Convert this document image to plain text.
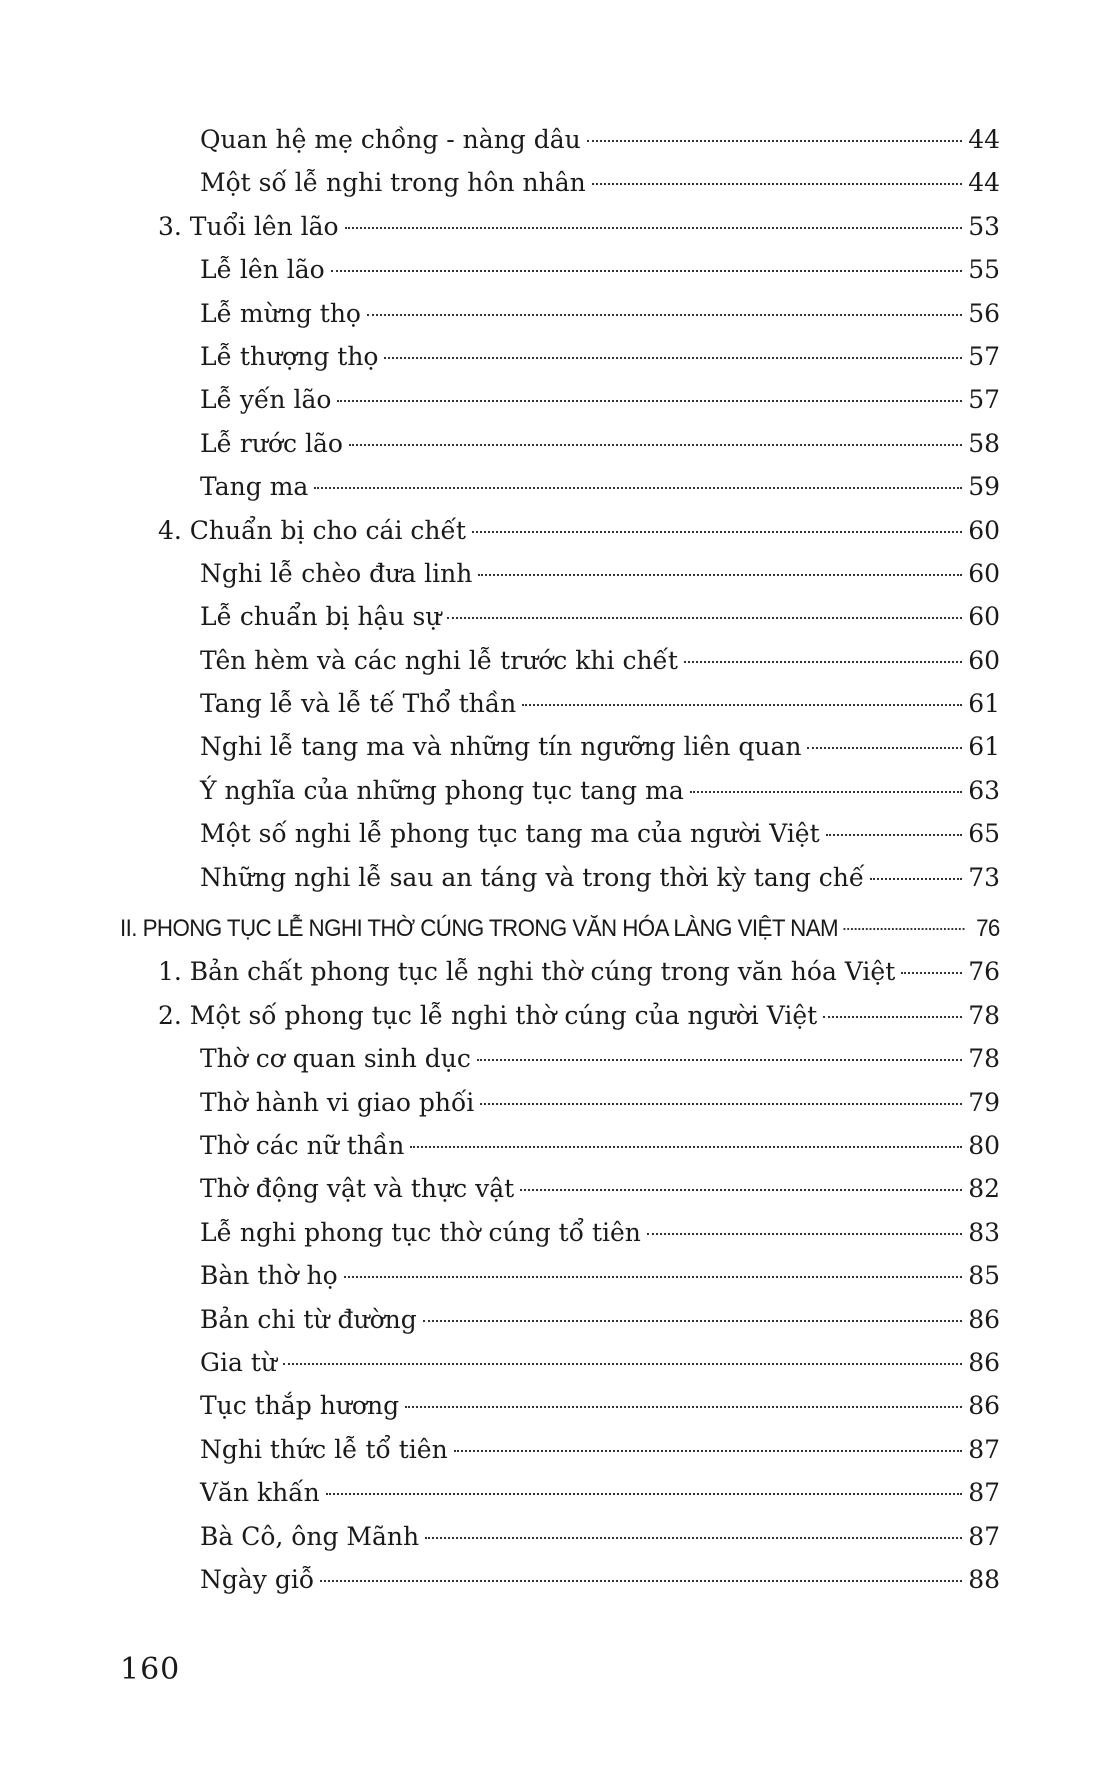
Quan hệ mẹ chồng - nàng dâu	44
Một số lễ nghi trong hôn nhân	44
3. Tuổi lên lão	53
Lễ lên lão	55
Lễ mừng thọ	56
Lễ thượng thọ	57
Lễ yến lão	57
Lễ rước lão	58
Tang ma	59
4. Chuẩn bị cho cái chết	60
Nghi lễ chèo đưa linh	60
Lễ chuẩn bị hậu sự	60
Tên hèm và các nghi lễ trước khi chết	60
Tang lễ và lễ tế Thổ thần	61
Nghi lễ tang ma và những tín ngưỡng liên quan	61
Ý nghĩa của những phong tục tang ma	63
Một số nghi lễ phong tục tang ma của người Việt	65
Những nghi lễ sau an táng và trong thời kỳ tang chế	73
II. PHONG TỤC LỄ NGHI THỜ CÚNG TRONG VĂN HÓA LÀNG VIỆT NAM	76
1. Bản chất phong tục lễ nghi thờ cúng trong văn hóa Việt	76
2. Một số phong tục lễ nghi thờ cúng của người Việt	78
Thờ cơ quan sinh dục	78
Thờ hành vi giao phối	79
Thờ các nữ thần	80
Thờ động vật và thực vật	82
Lễ nghi phong tục thờ cúng tổ tiên	83
Bàn thờ họ	85
Bản chi từ đường	86
Gia từ	86
Tục thắp hương	86
Nghi thức lễ tổ tiên	87
Văn khấn	87
Bà Cô, ông Mãnh	87
Ngày giỗ	88
160
